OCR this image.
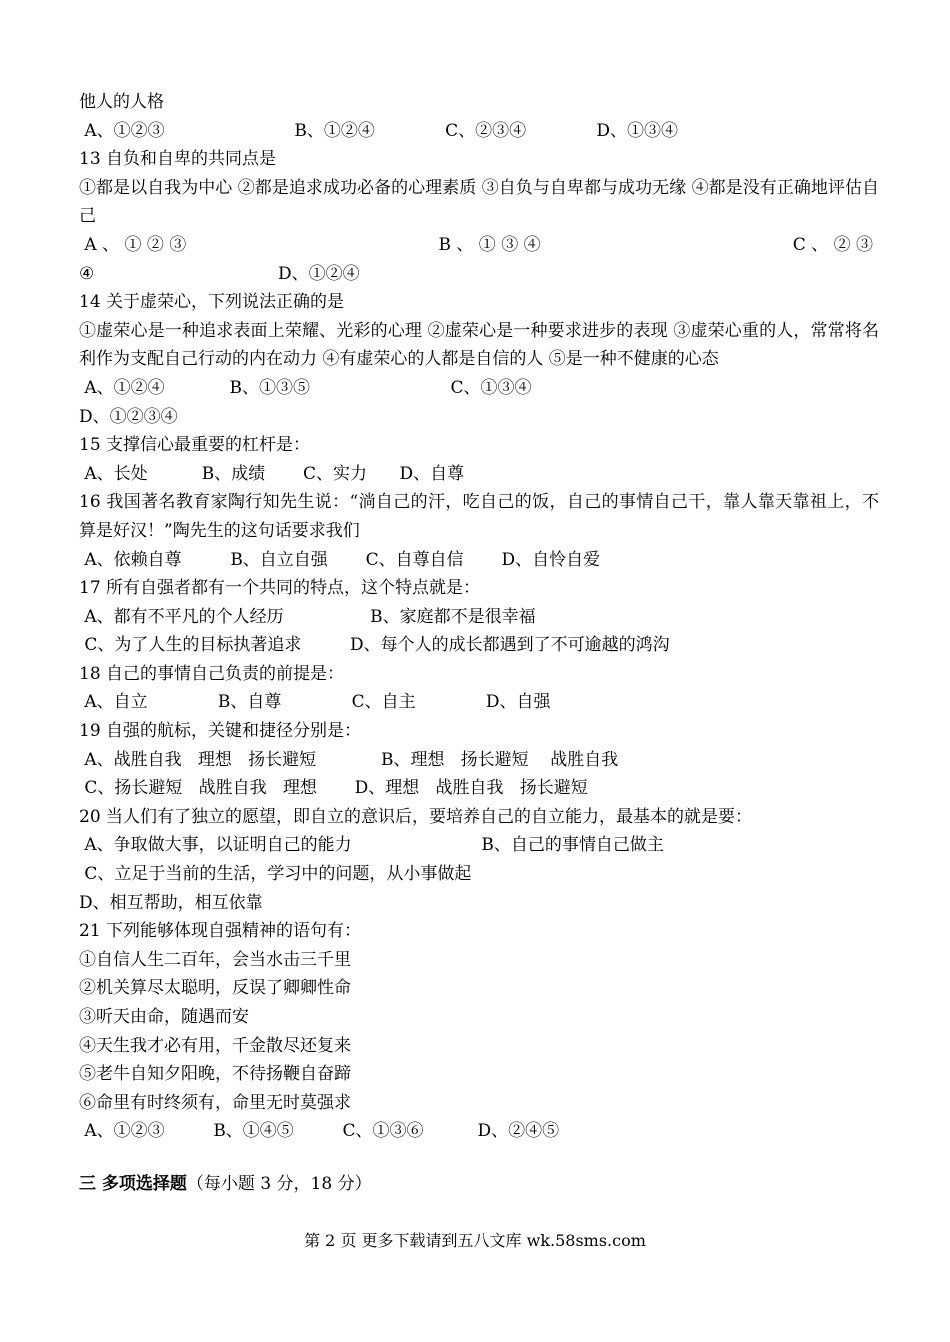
他人的人格
A、①②③                        B、①②④             C、②③④             D、①③④
13 自负和自卑的共同点是
①都是以自我为中心 ②都是追求成功必备的心理素质 ③自负与自卑都与成功无缘 ④都是没有正确地评估自己
A 、 ① ② ③	B 、 ① ③ ④	C 、 ② ③
④                                  D、①②④
14 关于虚荣心，下列说法正确的是
①虚荣心是一种追求表面上荣耀、光彩的心理 ②虚荣心是一种要求进步的表现 ③虚荣心重的人，常常将名利作为支配自己行动的内在动力 ④有虚荣心的人都是自信的人 ⑤是一种不健康的心态
A、①②④            B、①③⑤                          C、①③④
D、①②③④
15 支撑信心最重要的杠杆是：
A、长处          B、成绩       C、实力      D、自尊
16 我国著名教育家陶行知先生说：“淌自己的汗，吃自己的饭，自己的事情自己干，靠人靠天靠祖上，不算是好汉！”陶先生的这句话要求我们
A、依赖自尊         B、自立自强       C、自尊自信       D、自怜自爱
17 所有自强者都有一个共同的特点，这个特点就是：
A、都有不平凡的个人经历                B、家庭都不是很幸福
C、为了人生的目标执著追求         D、每个人的成长都遇到了不可逾越的鸿沟
18 自己的事情自己负责的前提是：
A、自立             B、自尊             C、自主             D、自强
19 自强的航标，关键和捷径分别是：
A、战胜自我   理想   扬长避短            B、理想   扬长避短    战胜自我
C、扬长避短   战胜自我   理想       D、理想   战胜自我   扬长避短
20 当人们有了独立的愿望，即自立的意识后，要培养自己的自立能力，最基本的就是要：
A、争取做大事，以证明自己的能力                        B、自己的事情自己做主
C、立足于当前的生活，学习中的问题，从小事做起
D、相互帮助，相互依靠
21 下列能够体现自强精神的语句有：
①自信人生二百年，会当水击三千里
②机关算尽太聪明，反误了卿卿性命
③听天由命，随遇而安
④天生我才必有用，千金散尽还复来
⑤老牛自知夕阳晚，不待扬鞭自奋蹄
⑥命里有时终须有，命里无时莫强求
A、①②③         B、①④⑤         C、①③⑥          D、②④⑤
三 多项选择题（每小题 3 分，18 分）
第 2 页 更多下载请到五八文库 wk.58sms.com
